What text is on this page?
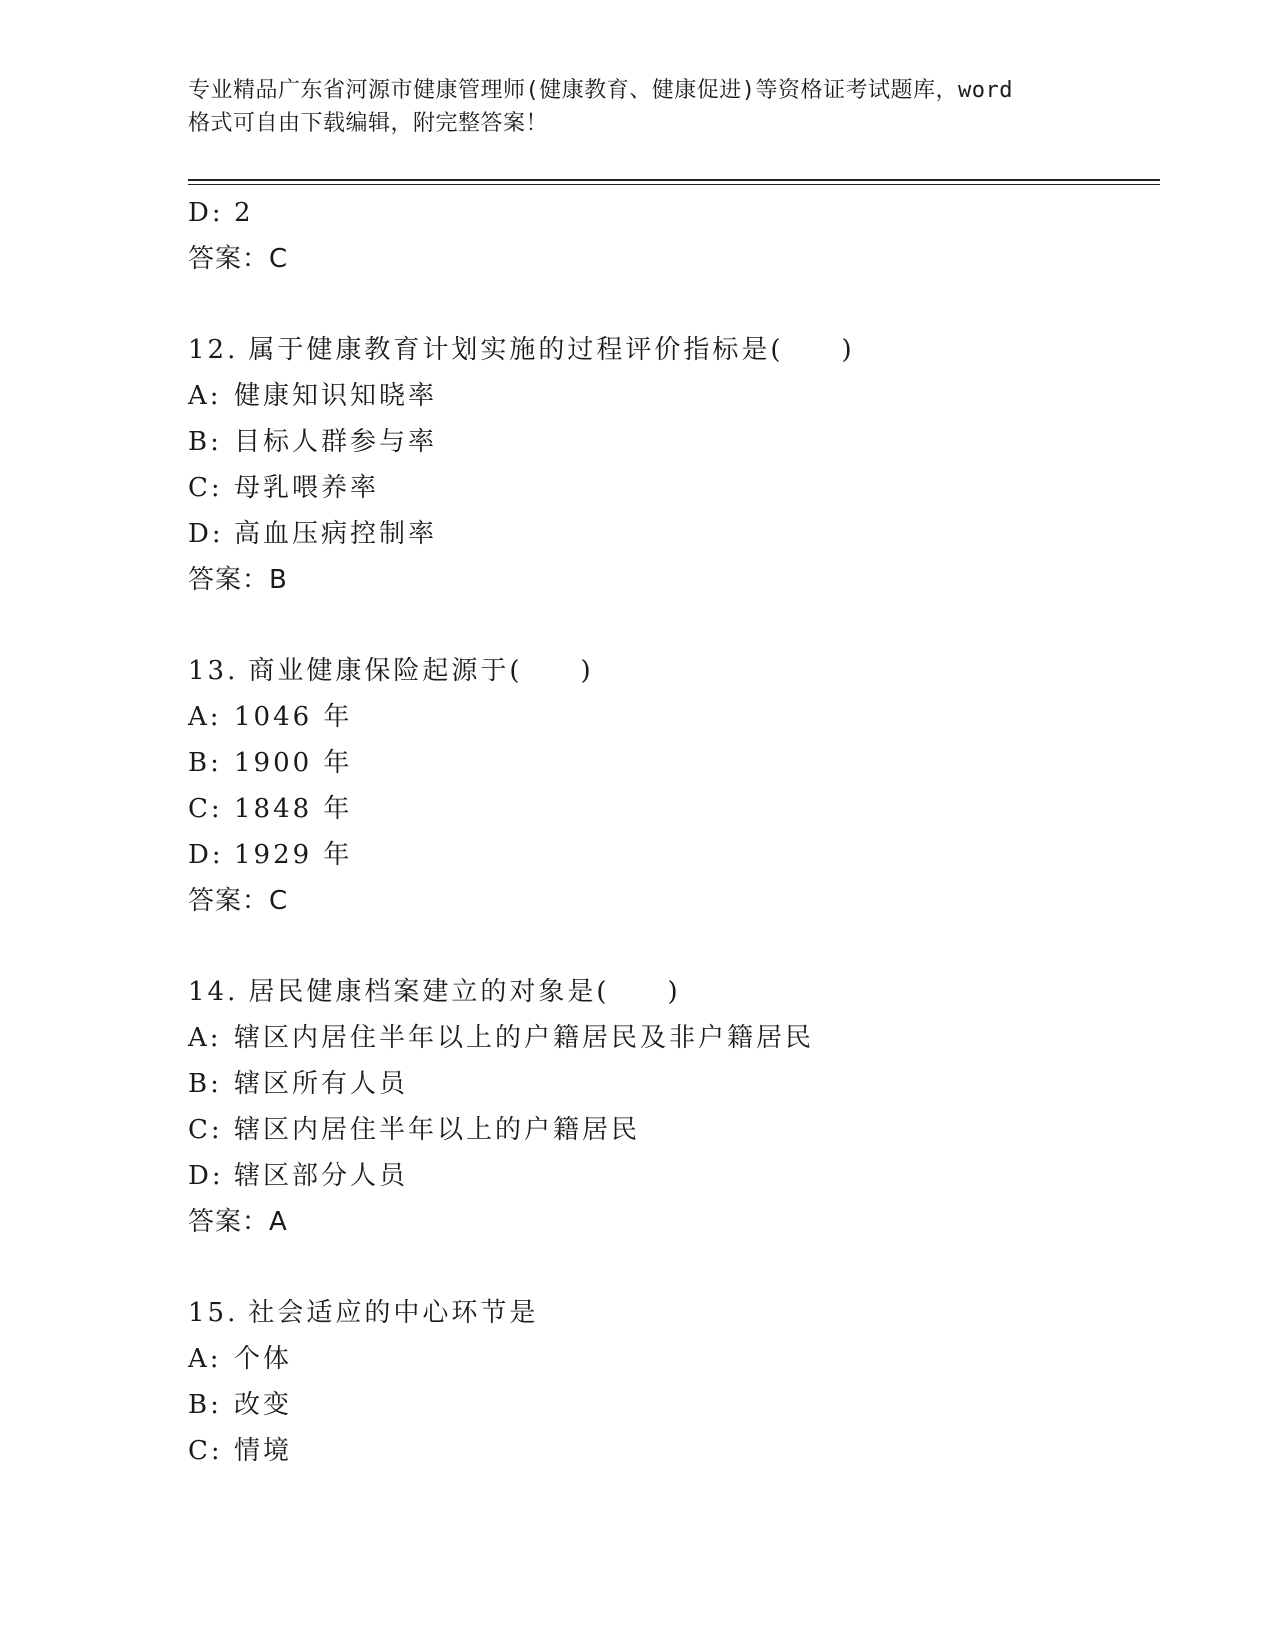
专业精品广东省河源市健康管理师(健康教育、健康促进)等资格证考试题库，word
格式可自由下载编辑，附完整答案！
D: 2
答案：C
12. 属于健康教育计划实施的过程评价指标是(　　)
A: 健康知识知晓率
B: 目标人群参与率
C: 母乳喂养率
D: 高血压病控制率
答案：B
13. 商业健康保险起源于(　　)
A: 1046 年
B: 1900 年
C: 1848 年
D: 1929 年
答案：C
14. 居民健康档案建立的对象是(　　)
A: 辖区内居住半年以上的户籍居民及非户籍居民
B: 辖区所有人员
C: 辖区内居住半年以上的户籍居民
D: 辖区部分人员
答案：A
15. 社会适应的中心环节是
A: 个体
B: 改变
C: 情境
